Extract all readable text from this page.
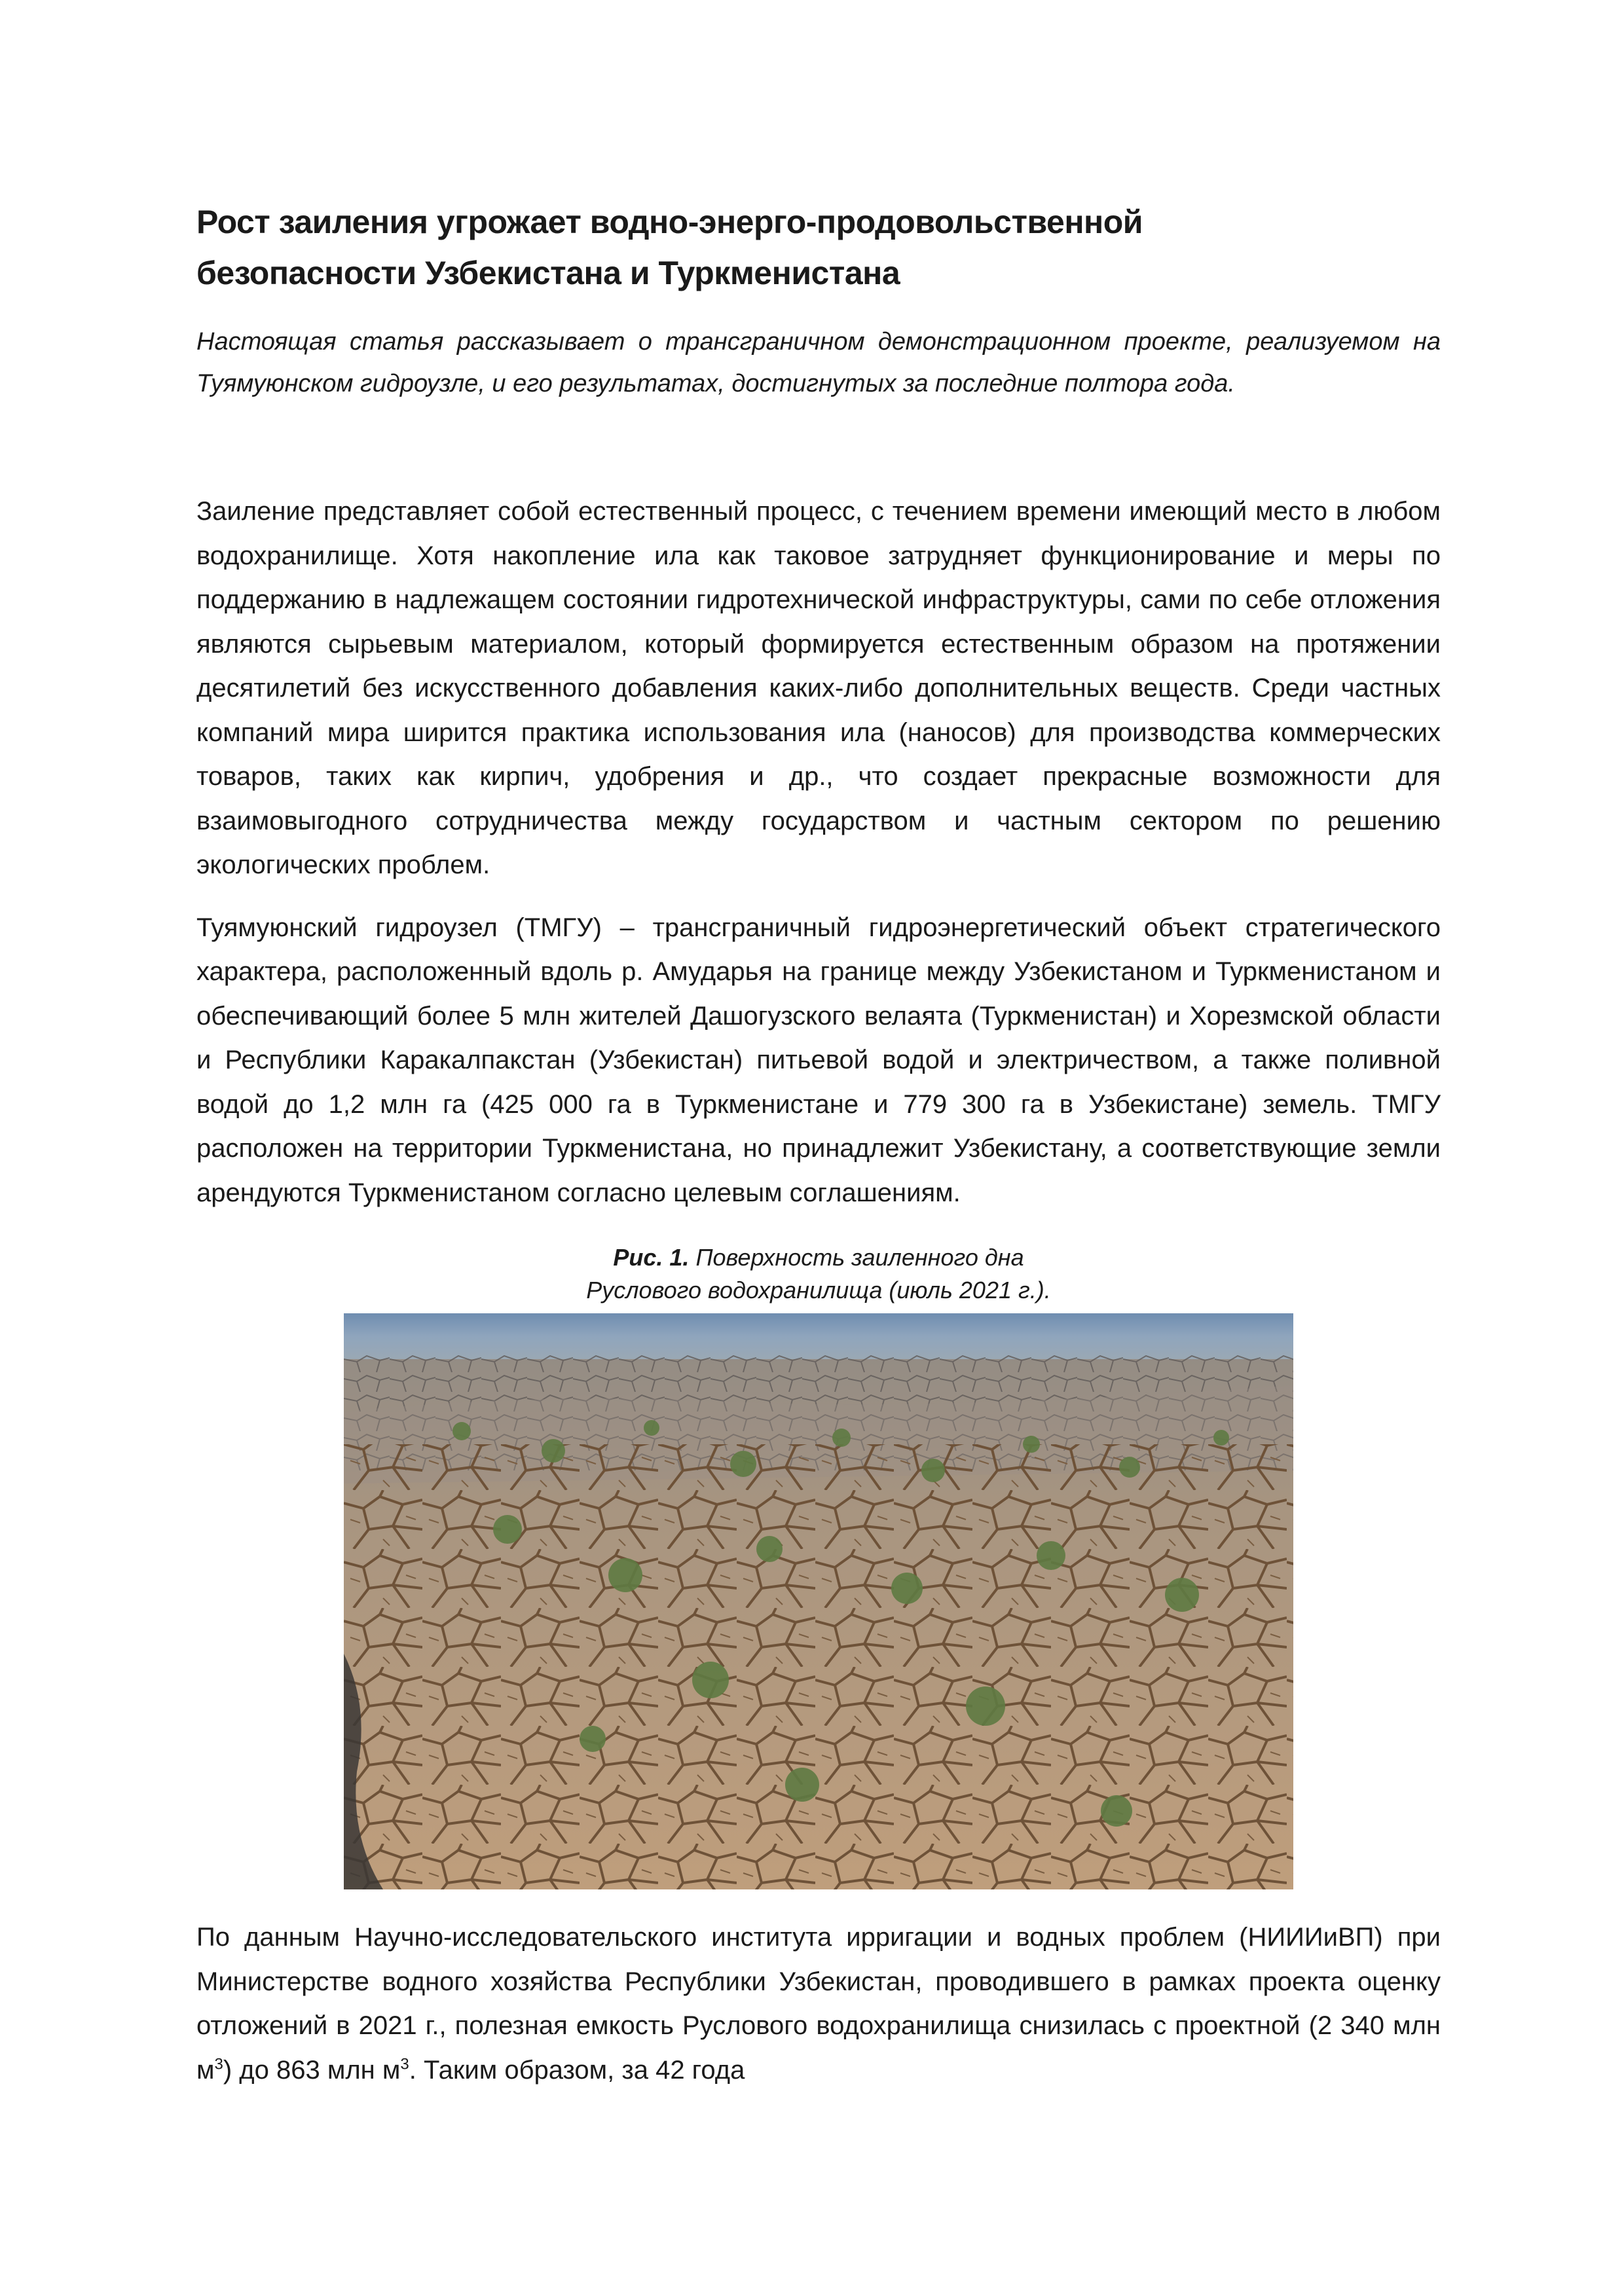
Рост заиления угрожает водно-энерго-продовольственной
безопасности Узбекистана и Туркменистана

Настоящая статья рассказывает о трансграничном демонстрационном проекте, реализуемом на Туямуюнском гидроузле, и его результатах, достигнутых за последние полтора года.

Заиление представляет собой естественный процесс, с течением времени имеющий место в любом водохранилище. Хотя накопление ила как таковое затрудняет функционирование и меры по поддержанию в надлежащем состоянии гидротехнической инфраструктуры, сами по себе отложения являются сырьевым материалом, который формируется естественным образом на протяжении десятилетий без искусственного добавления каких-либо дополнительных веществ. Среди частных компаний мира ширится практика использования ила (наносов) для производства коммерческих товаров, таких как кирпич, удобрения и др., что создает прекрасные возможности для взаимовыгодного сотрудничества между государством и частным сектором по решению экологических проблем.

Туямуюнский гидроузел (ТМГУ) – трансграничный гидроэнергетический объект стратегического характера, расположенный вдоль р. Амударья на границе между Узбекистаном и Туркменистаном и обеспечивающий более 5 млн жителей Дашогузского велаята (Туркменистан) и Хорезмской области и Республики Каракалпакстан (Узбекистан) питьевой водой и электричеством, а также поливной водой до 1,2 млн га (425 000 га в Туркменистане и 779 300 га в Узбекистане) земель. ТМГУ расположен на территории Туркменистана, но принадлежит Узбекистану, а соответствующие земли арендуются Туркменистаном согласно целевым соглашениям.

Рис. 1. Поверхность заиленного дна
Руслового водохранилища (июль 2021 г.).

По данным Научно-исследовательского института ирригации и водных проблем (НИИИиВП) при Министерстве водного хозяйства Республики Узбекистан, проводившего в рамках проекта оценку отложений в 2021 г., полезная емкость Руслового водохранилища снизилась с проектной (2 340 млн $м^3$) до 863 млн $м^3$. Таким образом, за 42 года
